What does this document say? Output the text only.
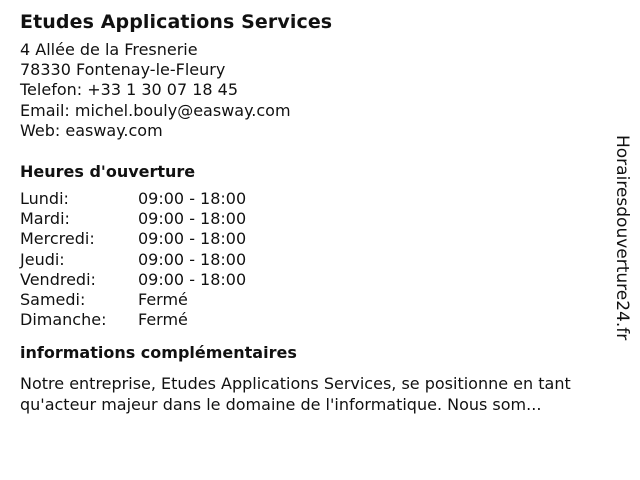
Etudes Applications Services
4 Allée de la Fresnerie
78330 Fontenay-le-Fleury
Telefon: +33 1 30 07 18 45
Email: michel.bouly@easway.com
Web: easway.com
Heures d'ouverture
Lundi:	09:00 - 18:00
Mardi:	09:00 - 18:00
Mercredi:	09:00 - 18:00
Jeudi:	09:00 - 18:00
Vendredi:	09:00 - 18:00
Samedi:	Fermé
Dimanche:	Fermé
informations complémentaires
Notre entreprise, Etudes Applications Services, se positionne en tant qu'acteur majeur dans le domaine de l'informatique. Nous som...
Horairesdouverture24.fr
